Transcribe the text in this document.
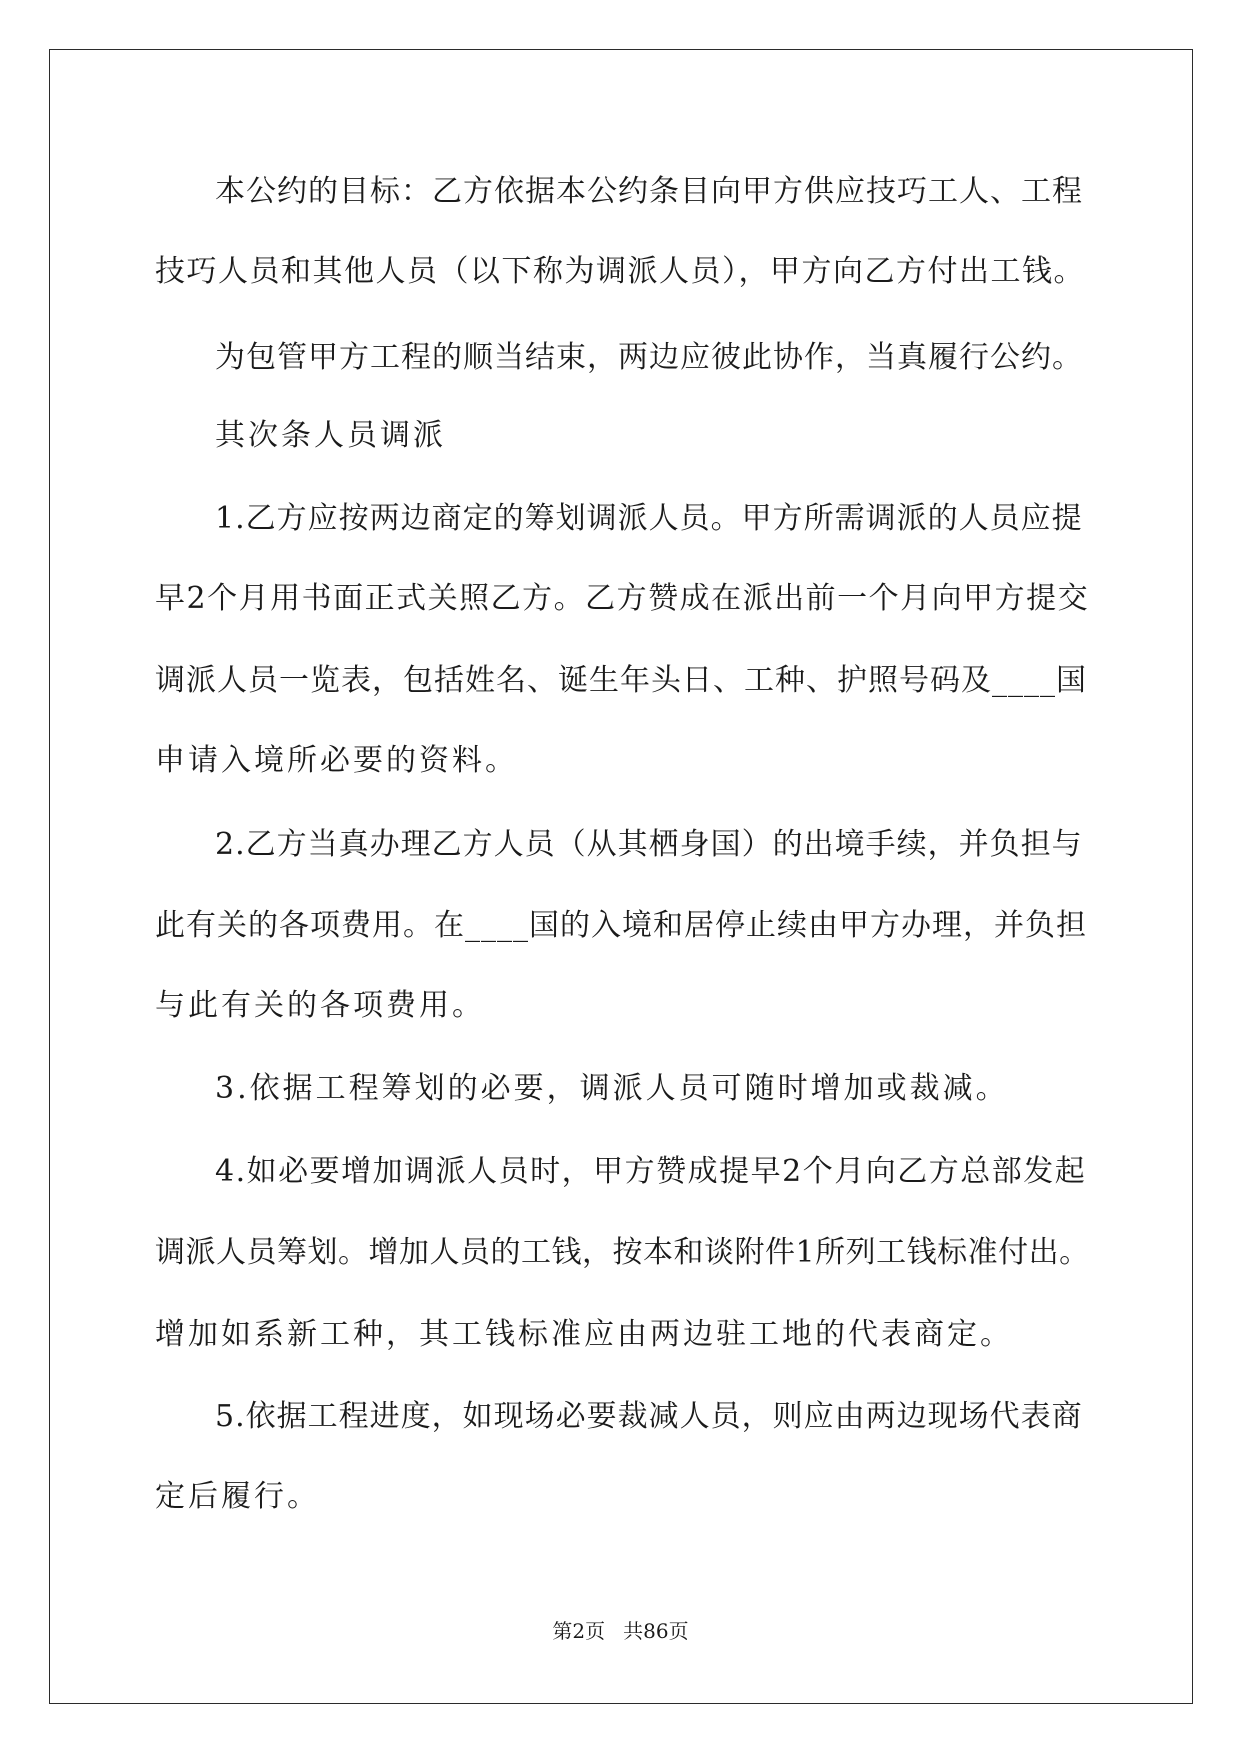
本公约的目标：乙方依据本公约条目向甲方供应技巧工人、工程
技巧人员和其他人员（以下称为调派人员），甲方向乙方付出工钱。
为包管甲方工程的顺当结束，两边应彼此协作，当真履行公约。
其次条人员调派
1.乙方应按两边商定的筹划调派人员。甲方所需调派的人员应提
早2个月用书面正式关照乙方。乙方赞成在派出前一个月向甲方提交
调派人员一览表，包括姓名、诞生年头日、工种、护照号码及____国
申请入境所必要的资料。
2.乙方当真办理乙方人员（从其栖身国）的出境手续，并负担与
此有关的各项费用。在____国的入境和居停止续由甲方办理，并负担
与此有关的各项费用。
3.依据工程筹划的必要，调派人员可随时增加或裁减。
4.如必要增加调派人员时，甲方赞成提早2个月向乙方总部发起
调派人员筹划。增加人员的工钱，按本和谈附件1所列工钱标准付出。
增加如系新工种，其工钱标准应由两边驻工地的代表商定。
5.依据工程进度，如现场必要裁减人员，则应由两边现场代表商
定后履行。
第2页 共86页
